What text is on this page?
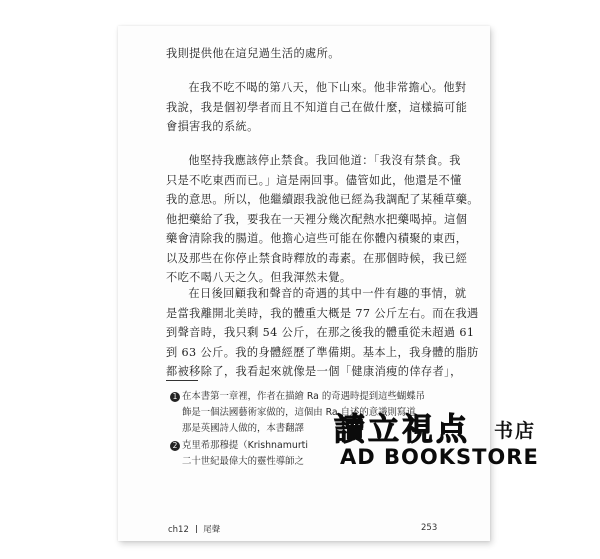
我則提供他在這兒過生活的處所。
在我不吃不喝的第八天，他下山來。他非常擔心。他對
我說，我是個初學者而且不知道自己在做什麼，這樣搞可能
會損害我的系統。
他堅持我應該停止禁食。我回他道：「我沒有禁食。我
只是不吃東西而已。」這是兩回事。儘管如此，他還是不懂
我的意思。所以，他繼續跟我說他已經為我調配了某種草藥。
他把藥給了我，要我在一天裡分幾次配熱水把藥喝掉。這個
藥會清除我的腸道。他擔心這些可能在你體內積聚的東西，
以及那些在你停止禁食時釋放的毒素。在那個時候，我已經
不吃不喝八天之久。但我渾然未覺。
在日後回顧我和聲音的奇遇的其中一件有趣的事情，就
是當我離開北美時，我的體重大概是 77 公斤左右。而在我遇
到聲音時，我只剩 54 公斤，在那之後我的體重從未超過 61
到 63 公斤。我的身體經歷了準備期。基本上，我身體的脂肪
都被移除了，我看起來就像是一個「健康消瘦的倖存者」，
1 在本書第一章裡，作者在描繪 Ra 的奇遇時提到這些蝴蝶吊
飾是一個法國藝術家做的，這個由 Ra 自述的意識則寫道
那是英國詩人做的，本書翻譯
2 克里希那穆提（Krishnamurti
二十世紀最偉大的靈性導師之
讀立視点 书店
AD BOOKSTORE
ch12 尾聲	253
